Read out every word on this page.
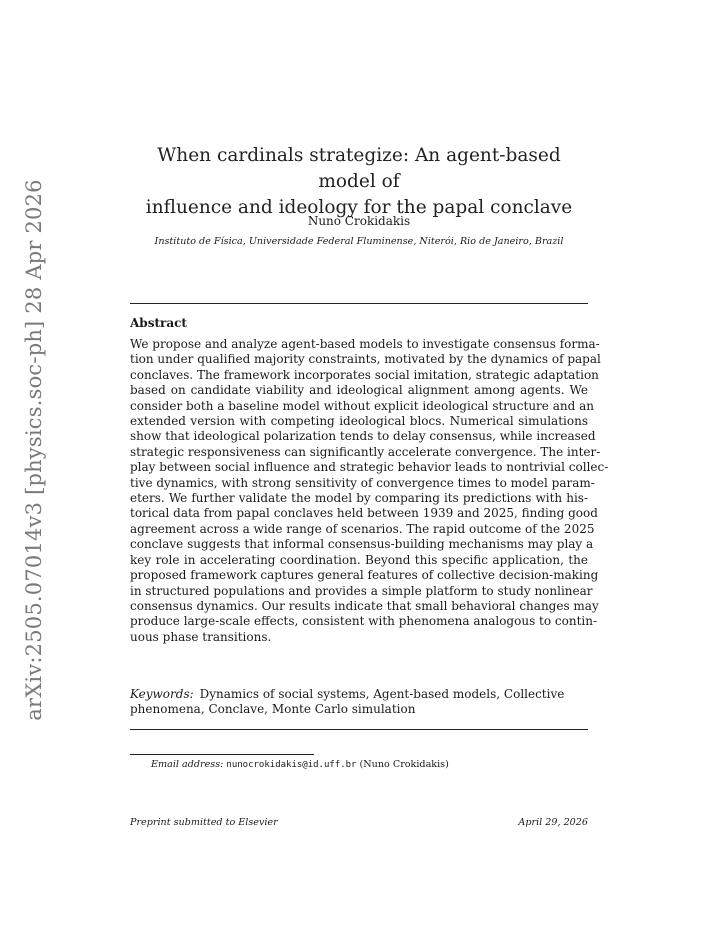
arXiv:2505.07014v3 [physics.soc-ph] 28 Apr 2026
When cardinals strategize: An agent-based model of
influence and ideology for the papal conclave
Nuno Crokidakis
Instituto de Física, Universidade Federal Fluminense, Niterói, Rio de Janeiro, Brazil
Abstract
We propose and analyze agent-based models to investigate consensus forma-
tion under qualified majority constraints, motivated by the dynamics of papal
conclaves. The framework incorporates social imitation, strategic adaptation
based on candidate viability and ideological alignment among agents. We
consider both a baseline model without explicit ideological structure and an
extended version with competing ideological blocs. Numerical simulations
show that ideological polarization tends to delay consensus, while increased
strategic responsiveness can significantly accelerate convergence. The inter-
play between social influence and strategic behavior leads to nontrivial collec-
tive dynamics, with strong sensitivity of convergence times to model param-
eters. We further validate the model by comparing its predictions with his-
torical data from papal conclaves held between 1939 and 2025, finding good
agreement across a wide range of scenarios. The rapid outcome of the 2025
conclave suggests that informal consensus-building mechanisms may play a
key role in accelerating coordination. Beyond this specific application, the
proposed framework captures general features of collective decision-making
in structured populations and provides a simple platform to study nonlinear
consensus dynamics. Our results indicate that small behavioral changes may
produce large-scale effects, consistent with phenomena analogous to contin-
uous phase transitions.
Keywords: Dynamics of social systems, Agent-based models, Collective
phenomena, Conclave, Monte Carlo simulation
Email address: nunocrokidakis@id.uff.br (Nuno Crokidakis)
Preprint submitted to Elsevier	April 29, 2026
